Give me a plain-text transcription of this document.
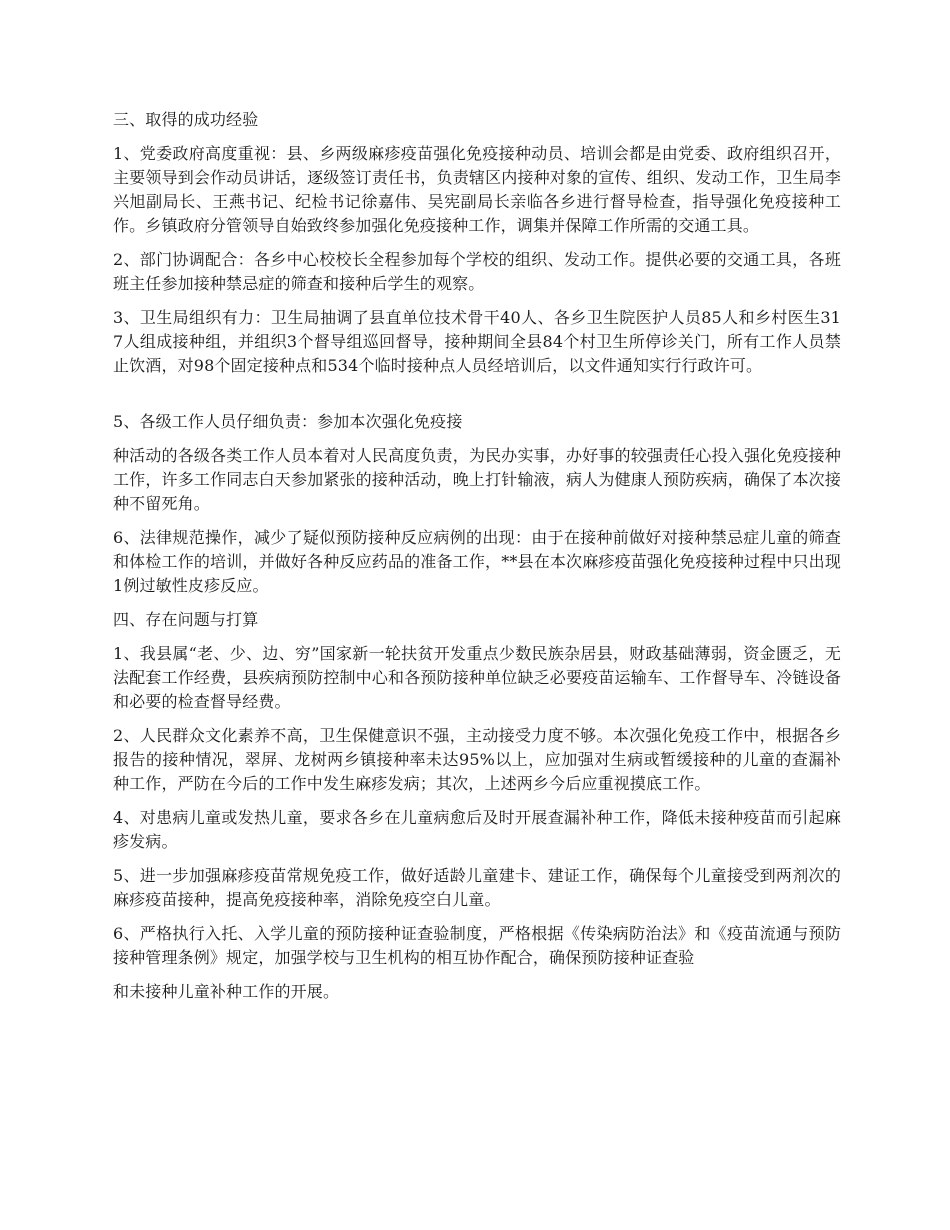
三、取得的成功经验

1、党委政府高度重视：县、乡两级麻疹疫苗强化免疫接种动员、培训会都是由党委、政府组织召开，主要领导到会作动员讲话，逐级签订责任书，负责辖区内接种对象的宣传、组织、发动工作，卫生局李兴旭副局长、王燕书记、纪检书记徐嘉伟、吴宪副局长亲临各乡进行督导检查，指导强化免疫接种工作。乡镇政府分管领导自始致终参加强化免疫接种工作，调集并保障工作所需的交通工具。

2、部门协调配合：各乡中心校校长全程参加每个学校的组织、发动工作。提供必要的交通工具，各班班主任参加接种禁忌症的筛查和接种后学生的观察。

3、卫生局组织有力：卫生局抽调了县直单位技术骨干40人、各乡卫生院医护人员85人和乡村医生317人组成接种组，并组织3个督导组巡回督导，接种期间全县84个村卫生所停诊关门，所有工作人员禁止饮酒，对98个固定接种点和534个临时接种点人员经培训后，以文件通知实行行政许可。

5、各级工作人员仔细负责：参加本次强化免疫接

种活动的各级各类工作人员本着对人民高度负责，为民办实事，办好事的较强责任心投入强化免疫接种工作，许多工作同志白天参加紧张的接种活动，晚上打针输液，病人为健康人预防疾病，确保了本次接种不留死角。

6、法律规范操作，减少了疑似预防接种反应病例的出现：由于在接种前做好对接种禁忌症儿童的筛查和体检工作的培训，并做好各种反应药品的准备工作，**县在本次麻疹疫苗强化免疫接种过程中只出现1例过敏性皮疹反应。

四、存在问题与打算

1、我县属“老、少、边、穷”国家新一轮扶贫开发重点少数民族杂居县，财政基础薄弱，资金匮乏，无法配套工作经费，县疾病预防控制中心和各预防接种单位缺乏必要疫苗运输车、工作督导车、冷链设备和必要的检查督导经费。

2、人民群众文化素养不高，卫生保健意识不强，主动接受力度不够。本次强化免疫工作中，根据各乡报告的接种情况，翠屏、龙树两乡镇接种率未达95%以上，应加强对生病或暂缓接种的儿童的查漏补种工作，严防在今后的工作中发生麻疹发病；其次，上述两乡今后应重视摸底工作。

4、对患病儿童或发热儿童，要求各乡在儿童病愈后及时开展查漏补种工作，降低未接种疫苗而引起麻疹发病。

5、进一步加强麻疹疫苗常规免疫工作，做好适龄儿童建卡、建证工作，确保每个儿童接受到两剂次的麻疹疫苗接种，提高免疫接种率，消除免疫空白儿童。

6、严格执行入托、入学儿童的预防接种证查验制度，严格根据《传染病防治法》和《疫苗流通与预防接种管理条例》规定，加强学校与卫生机构的相互协作配合，确保预防接种证查验

和未接种儿童补种工作的开展。
